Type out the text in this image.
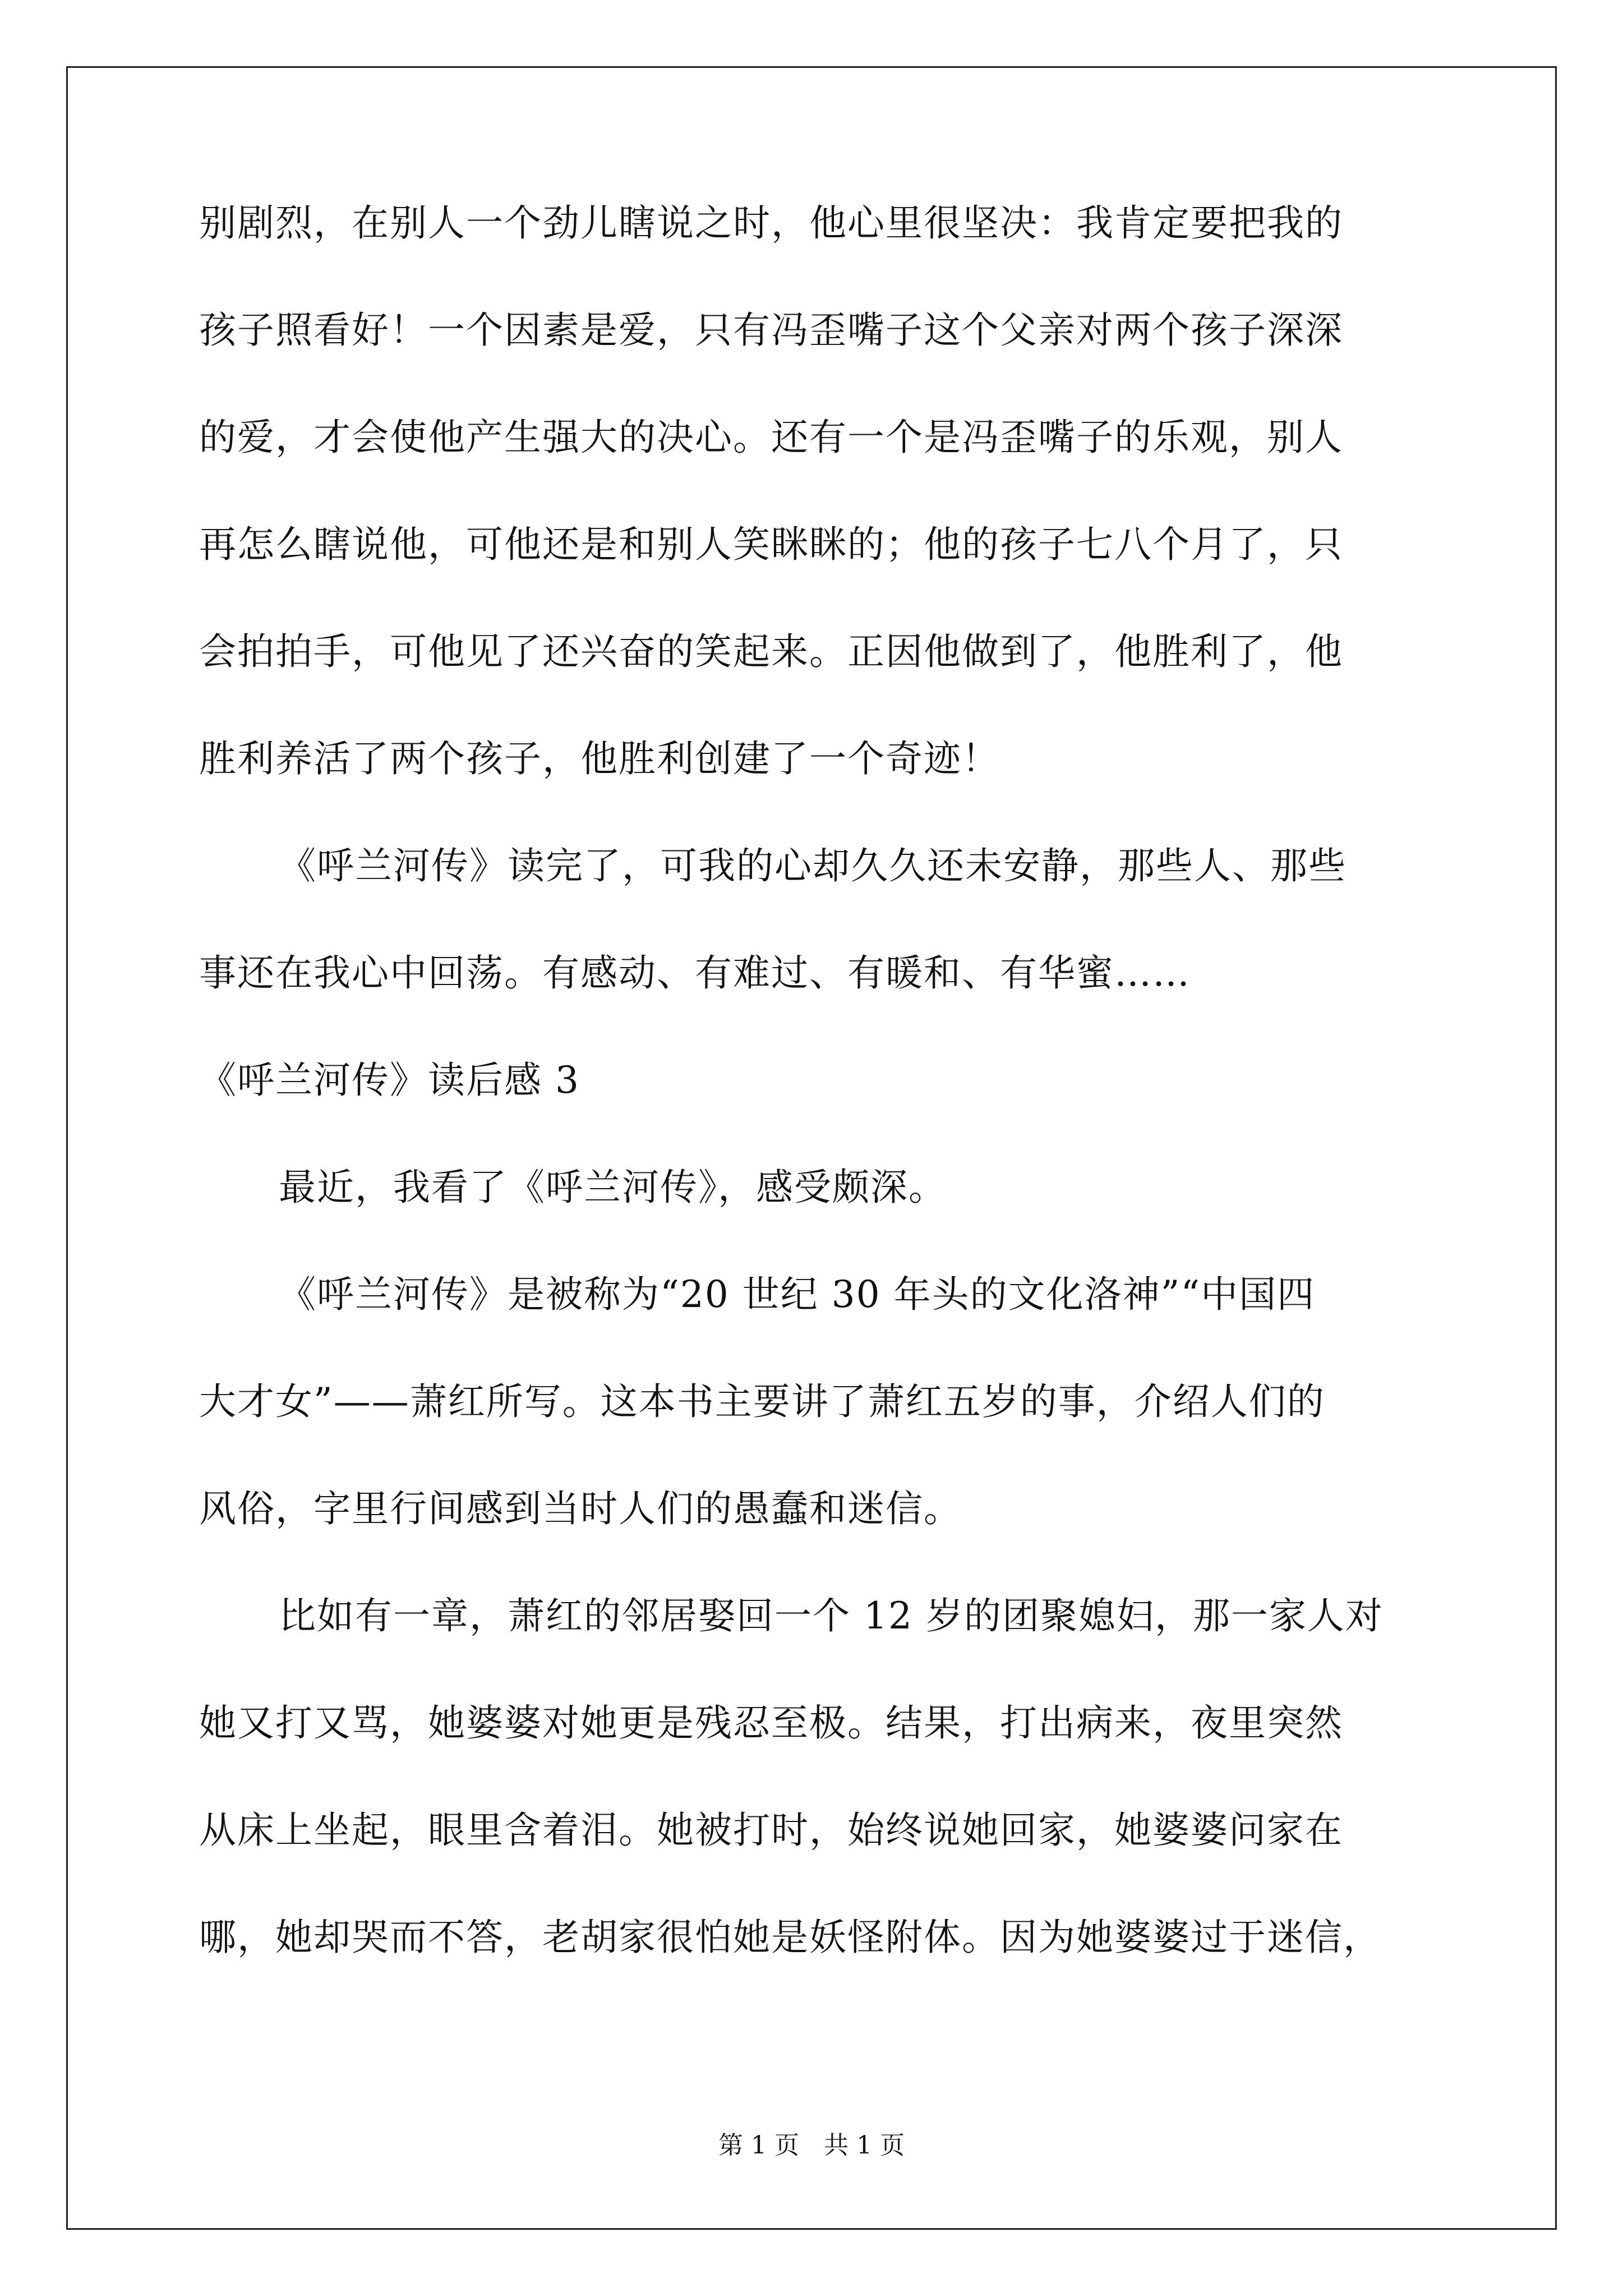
别剧烈，在别人一个劲儿瞎说之时，他心里很坚决：我肯定要把我的
孩子照看好！一个因素是爱，只有冯歪嘴子这个父亲对两个孩子深深
的爱，才会使他产生强大的决心。还有一个是冯歪嘴子的乐观，别人
再怎么瞎说他，可他还是和别人笑眯眯的；他的孩子七八个月了，只
会拍拍手，可他见了还兴奋的笑起来。正因他做到了，他胜利了，他
胜利养活了两个孩子，他胜利创建了一个奇迹！
《呼兰河传》读完了，可我的心却久久还未安静，那些人、那些
事还在我心中回荡。有感动、有难过、有暖和、有华蜜……
《呼兰河传》读后感 3
最近，我看了《呼兰河传》，感受颇深。
《呼兰河传》是被称为“20 世纪 30 年头的文化洛神”“中国四
大才女”——萧红所写。这本书主要讲了萧红五岁的事，介绍人们的
风俗，字里行间感到当时人们的愚蠢和迷信。
比如有一章，萧红的邻居娶回一个 12 岁的团聚媳妇，那一家人对
她又打又骂，她婆婆对她更是残忍至极。结果，打出病来，夜里突然
从床上坐起，眼里含着泪。她被打时，始终说她回家，她婆婆问家在
哪，她却哭而不答，老胡家很怕她是妖怪附体。因为她婆婆过于迷信，
第 1 页　共 1 页
